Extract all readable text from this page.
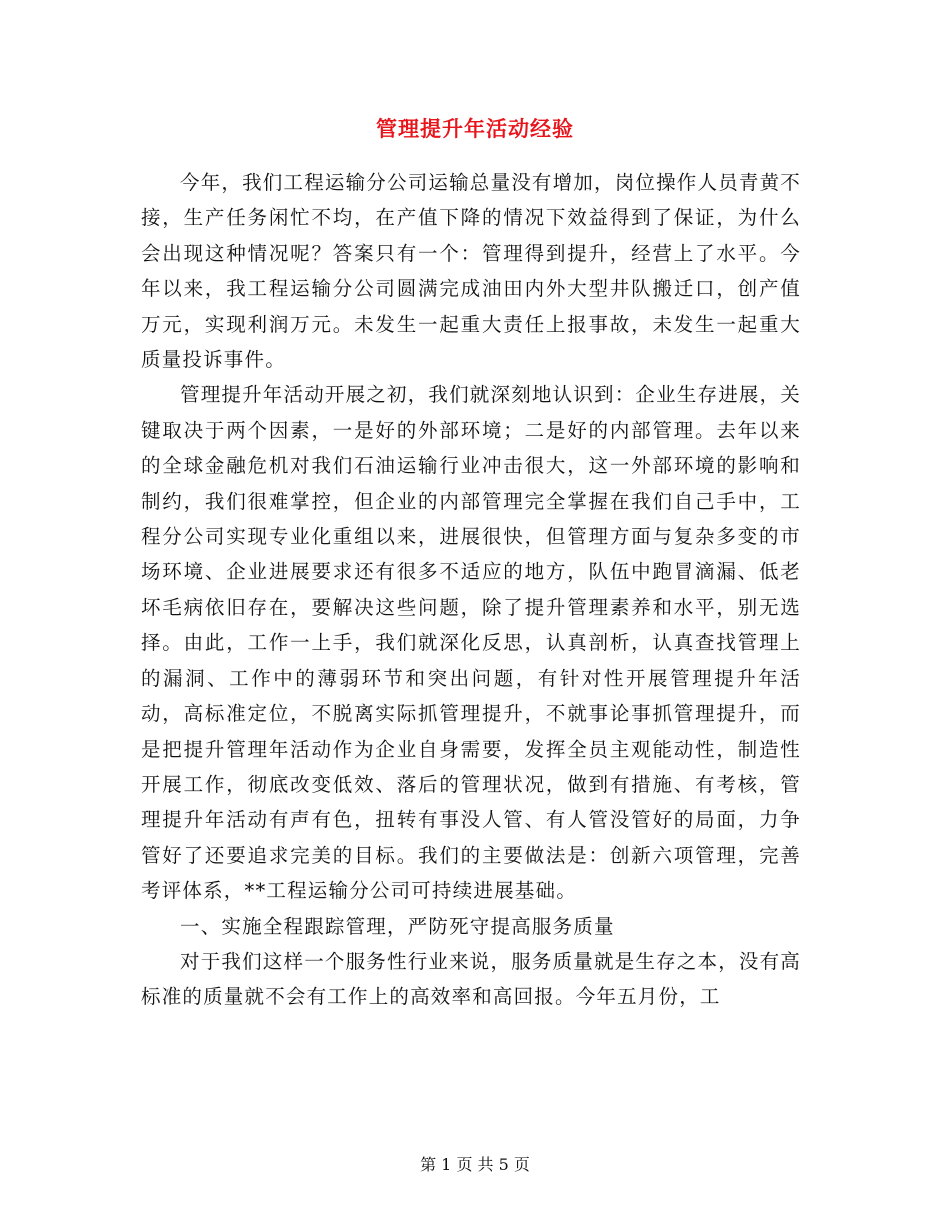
管理提升年活动经验

今年，我们工程运输分公司运输总量没有增加，岗位操作人员青黄不接，生产任务闲忙不均，在产值下降的情况下效益得到了保证，为什么会出现这种情况呢？答案只有一个：管理得到提升，经营上了水平。今年以来，我工程运输分公司圆满完成油田内外大型井队搬迁口，创产值万元，实现利润万元。未发生一起重大责任上报事故，未发生一起重大质量投诉事件。

管理提升年活动开展之初，我们就深刻地认识到：企业生存进展，关键取决于两个因素，一是好的外部环境；二是好的内部管理。去年以来的全球金融危机对我们石油运输行业冲击很大，这一外部环境的影响和制约，我们很难掌控，但企业的内部管理完全掌握在我们自己手中，工程分公司实现专业化重组以来，进展很快，但管理方面与复杂多变的市场环境、企业进展要求还有很多不适应的地方，队伍中跑冒滴漏、低老坏毛病依旧存在，要解决这些问题，除了提升管理素养和水平，别无选择。由此，工作一上手，我们就深化反思，认真剖析，认真查找管理上的漏洞、工作中的薄弱环节和突出问题，有针对性开展管理提升年活动，高标准定位，不脱离实际抓管理提升，不就事论事抓管理提升，而是把提升管理年活动作为企业自身需要，发挥全员主观能动性，制造性开展工作，彻底改变低效、落后的管理状况，做到有措施、有考核，管理提升年活动有声有色，扭转有事没人管、有人管没管好的局面，力争管好了还要追求完美的目标。我们的主要做法是：创新六项管理，完善考评体系，**工程运输分公司可持续进展基础。

一、实施全程跟踪管理，严防死守提高服务质量

对于我们这样一个服务性行业来说，服务质量就是生存之本，没有高标准的质量就不会有工作上的高效率和高回报。今年五月份，工

第 1 页 共 5 页
